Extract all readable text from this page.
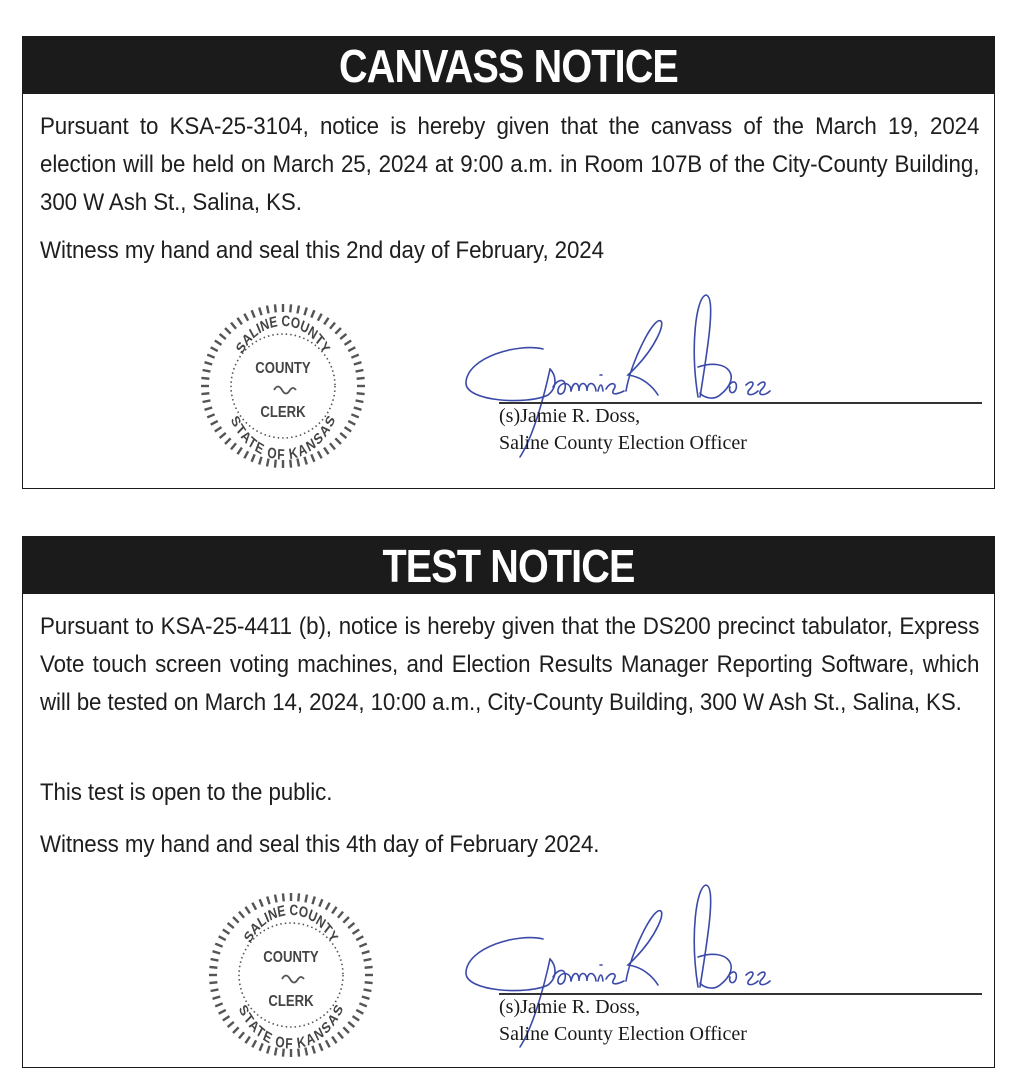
CANVASS NOTICE
Pursuant to KSA-25-3104, notice is hereby given that the canvass of the March 19, 2024 election will be held on March 25, 2024 at 9:00 a.m. in Room 107B of the City-County Building, 300 W Ash St., Salina, KS.
Witness my hand and seal this 2nd day of February, 2024
SALINE COUNTY
STATE OF KANSAS
COUNTY
CLERK	(s)Jamie R. Doss,
Saline County Election Officer
TEST NOTICE
Pursuant to KSA-25-4411 (b), notice is hereby given that the DS200 precinct tabulator, Express Vote touch screen voting machines, and Election Results Manager Reporting Software, which will be tested on March 14, 2024, 10:00 a.m., City-County Building, 300 W Ash St., Salina, KS.
This test is open to the public.
Witness my hand and seal this 4th day of February 2024.
SALINE COUNTY
STATE OF KANSAS
COUNTY
CLERK	(s)Jamie R. Doss,
Saline County Election Officer
